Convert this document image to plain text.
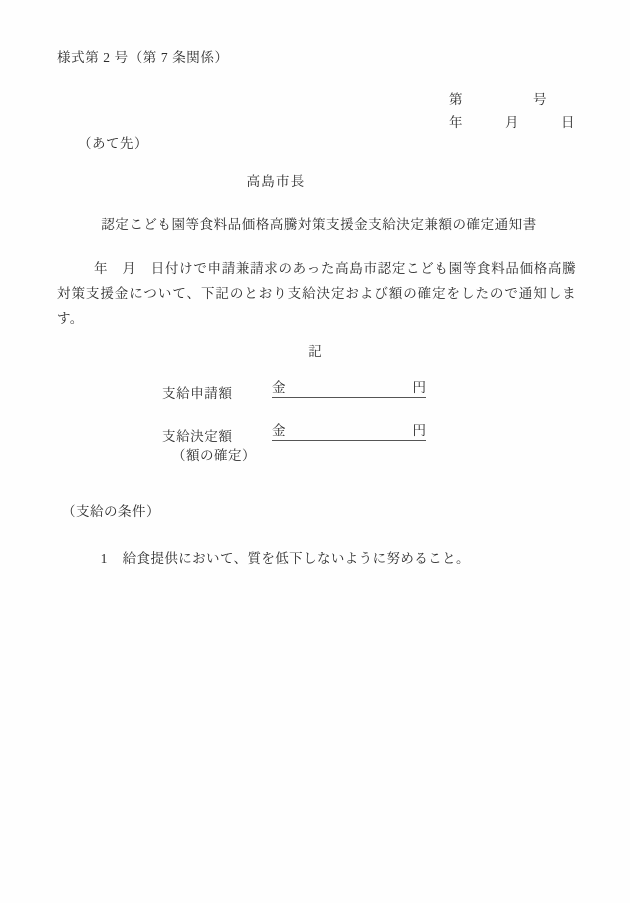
様式第 2 号（第 7 条関係）
第　　　　　号
年　　　月　　　日
（あて先）
高島市長
認定こども園等食料品価格高騰対策支援金支給決定兼額の確定通知書
年　月　日付けで申請兼請求のあった高島市認定こども園等食料品価格高騰対策支援金について、下記のとおり支給決定および額の確定をしたので通知します。
記
支給申請額	金	円
支給決定額	金	円
（額の確定）
（支給の条件）

1 給食提供において、質を低下しないように努めること。
